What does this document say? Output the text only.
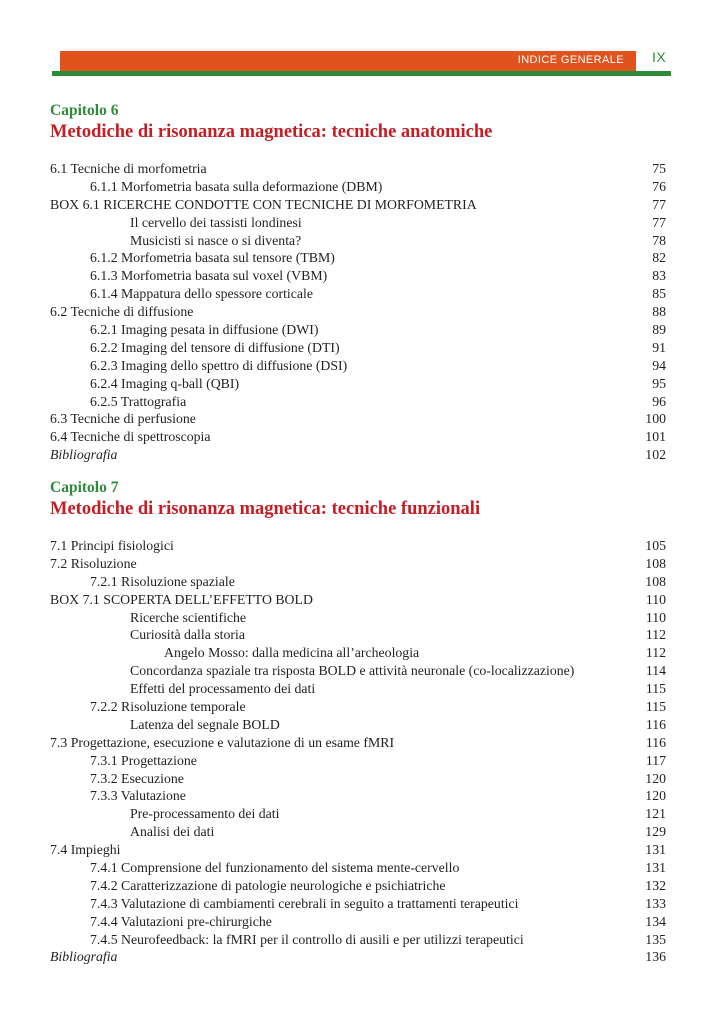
INDICE GENERALE IX
Capitolo 6
Metodiche di risonanza magnetica: tecniche anatomiche
6.1 Tecniche di morfometria	75
6.1.1 Morfometria basata sulla deformazione (DBM)	76
BOX 6.1 RICERCHE CONDOTTE CON TECNICHE DI MORFOMETRIA	77
Il cervello dei tassisti londinesi	77
Musicisti si nasce o si diventa?	78
6.1.2 Morfometria basata sul tensore (TBM)	82
6.1.3 Morfometria basata sul voxel (VBM)	83
6.1.4 Mappatura dello spessore corticale	85
6.2 Tecniche di diffusione	88
6.2.1 Imaging pesata in diffusione (DWI)	89
6.2.2 Imaging del tensore di diffusione (DTI)	91
6.2.3 Imaging dello spettro di diffusione (DSI)	94
6.2.4 Imaging q-ball (QBI)	95
6.2.5 Trattografia	96
6.3 Tecniche di perfusione	100
6.4 Tecniche di spettroscopia	101
Bibliografia	102
Capitolo 7
Metodiche di risonanza magnetica: tecniche funzionali
7.1 Principi fisiologici	105
7.2 Risoluzione	108
7.2.1 Risoluzione spaziale	108
BOX 7.1 SCOPERTA DELL’EFFETTO BOLD	110
Ricerche scientifiche	110
Curiosità dalla storia	112
Angelo Mosso: dalla medicina all’archeologia	112
Concordanza spaziale tra risposta BOLD e attività neuronale (co-localizzazione)	114
Effetti del processamento dei dati	115
7.2.2 Risoluzione temporale	115
Latenza del segnale BOLD	116
7.3 Progettazione, esecuzione e valutazione di un esame fMRI	116
7.3.1 Progettazione	117
7.3.2 Esecuzione	120
7.3.3 Valutazione	120
Pre-processamento dei dati	121
Analisi dei dati	129
7.4 Impieghi	131
7.4.1 Comprensione del funzionamento del sistema mente-cervello	131
7.4.2 Caratterizzazione di patologie neurologiche e psichiatriche	132
7.4.3 Valutazione di cambiamenti cerebrali in seguito a trattamenti terapeutici	133
7.4.4 Valutazioni pre-chirurgiche	134
7.4.5 Neurofeedback: la fMRI per il controllo di ausili e per utilizzi terapeutici	135
Bibliografia	136
